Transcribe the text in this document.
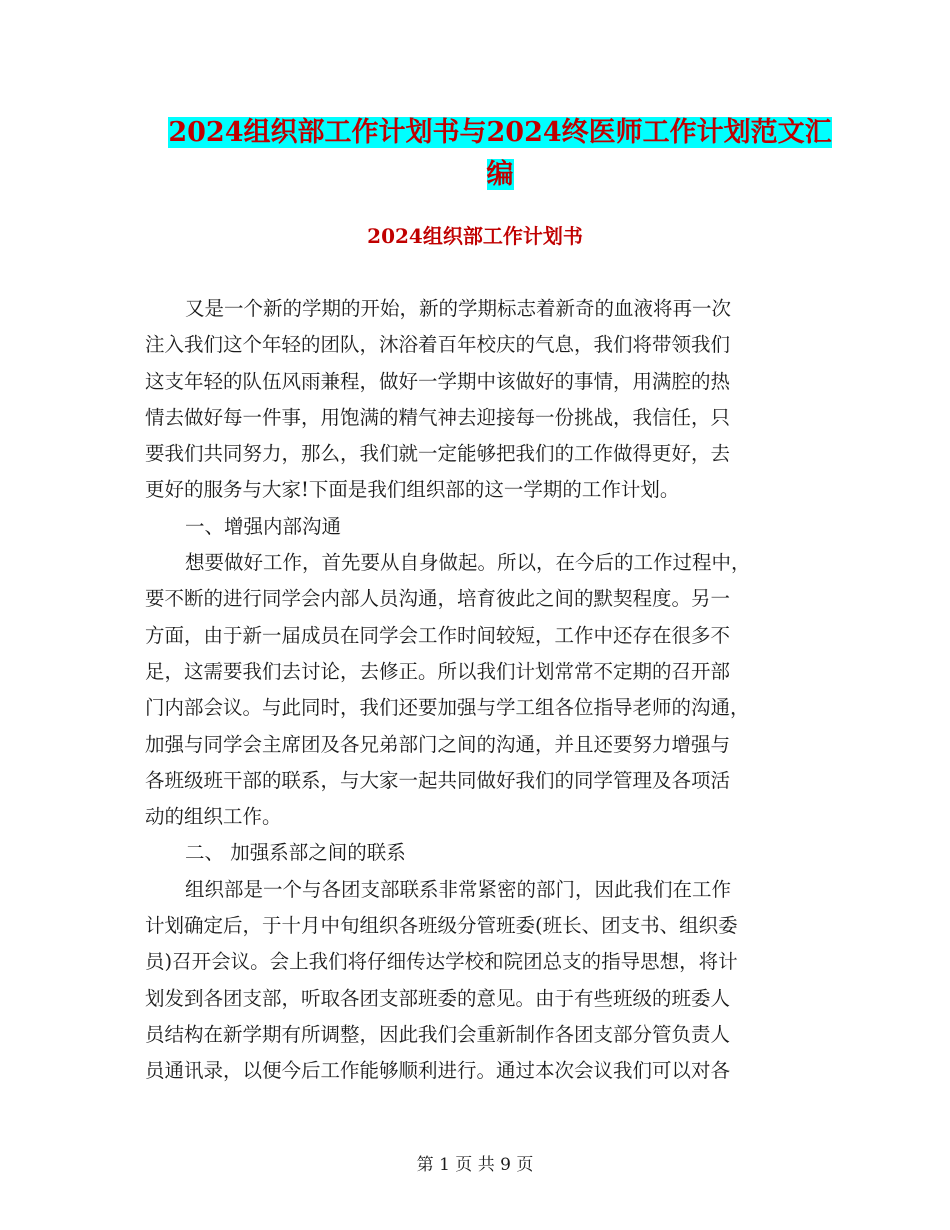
2024组织部工作计划书与2024终医师工作计划范文汇
编
2024组织部工作计划书
又是一个新的学期的开始，新的学期标志着新奇的血液将再一次
注入我们这个年轻的团队，沐浴着百年校庆的气息，我们将带领我们
这支年轻的队伍风雨兼程，做好一学期中该做好的事情，用满腔的热
情去做好每一件事，用饱满的精气神去迎接每一份挑战，我信任，只
要我们共同努力，那么，我们就一定能够把我们的工作做得更好，去
更好的服务与大家!下面是我们组织部的这一学期的工作计划。
一、增强内部沟通
想要做好工作，首先要从自身做起。所以，在今后的工作过程中，
要不断的进行同学会内部人员沟通，培育彼此之间的默契程度。另一
方面，由于新一届成员在同学会工作时间较短，工作中还存在很多不
足，这需要我们去讨论，去修正。所以我们计划常常不定期的召开部
门内部会议。与此同时，我们还要加强与学工组各位指导老师的沟通，
加强与同学会主席团及各兄弟部门之间的沟通，并且还要努力增强与
各班级班干部的联系，与大家一起共同做好我们的同学管理及各项活
动的组织工作。
二、 加强系部之间的联系
组织部是一个与各团支部联系非常紧密的部门，因此我们在工作
计划确定后，于十月中旬组织各班级分管班委(班长、团支书、组织委
员)召开会议。会上我们将仔细传达学校和院团总支的指导思想，将计
划发到各团支部，听取各团支部班委的意见。由于有些班级的班委人
员结构在新学期有所调整，因此我们会重新制作各团支部分管负责人
员通讯录，以便今后工作能够顺利进行。通过本次会议我们可以对各
第 1 页 共 9 页
